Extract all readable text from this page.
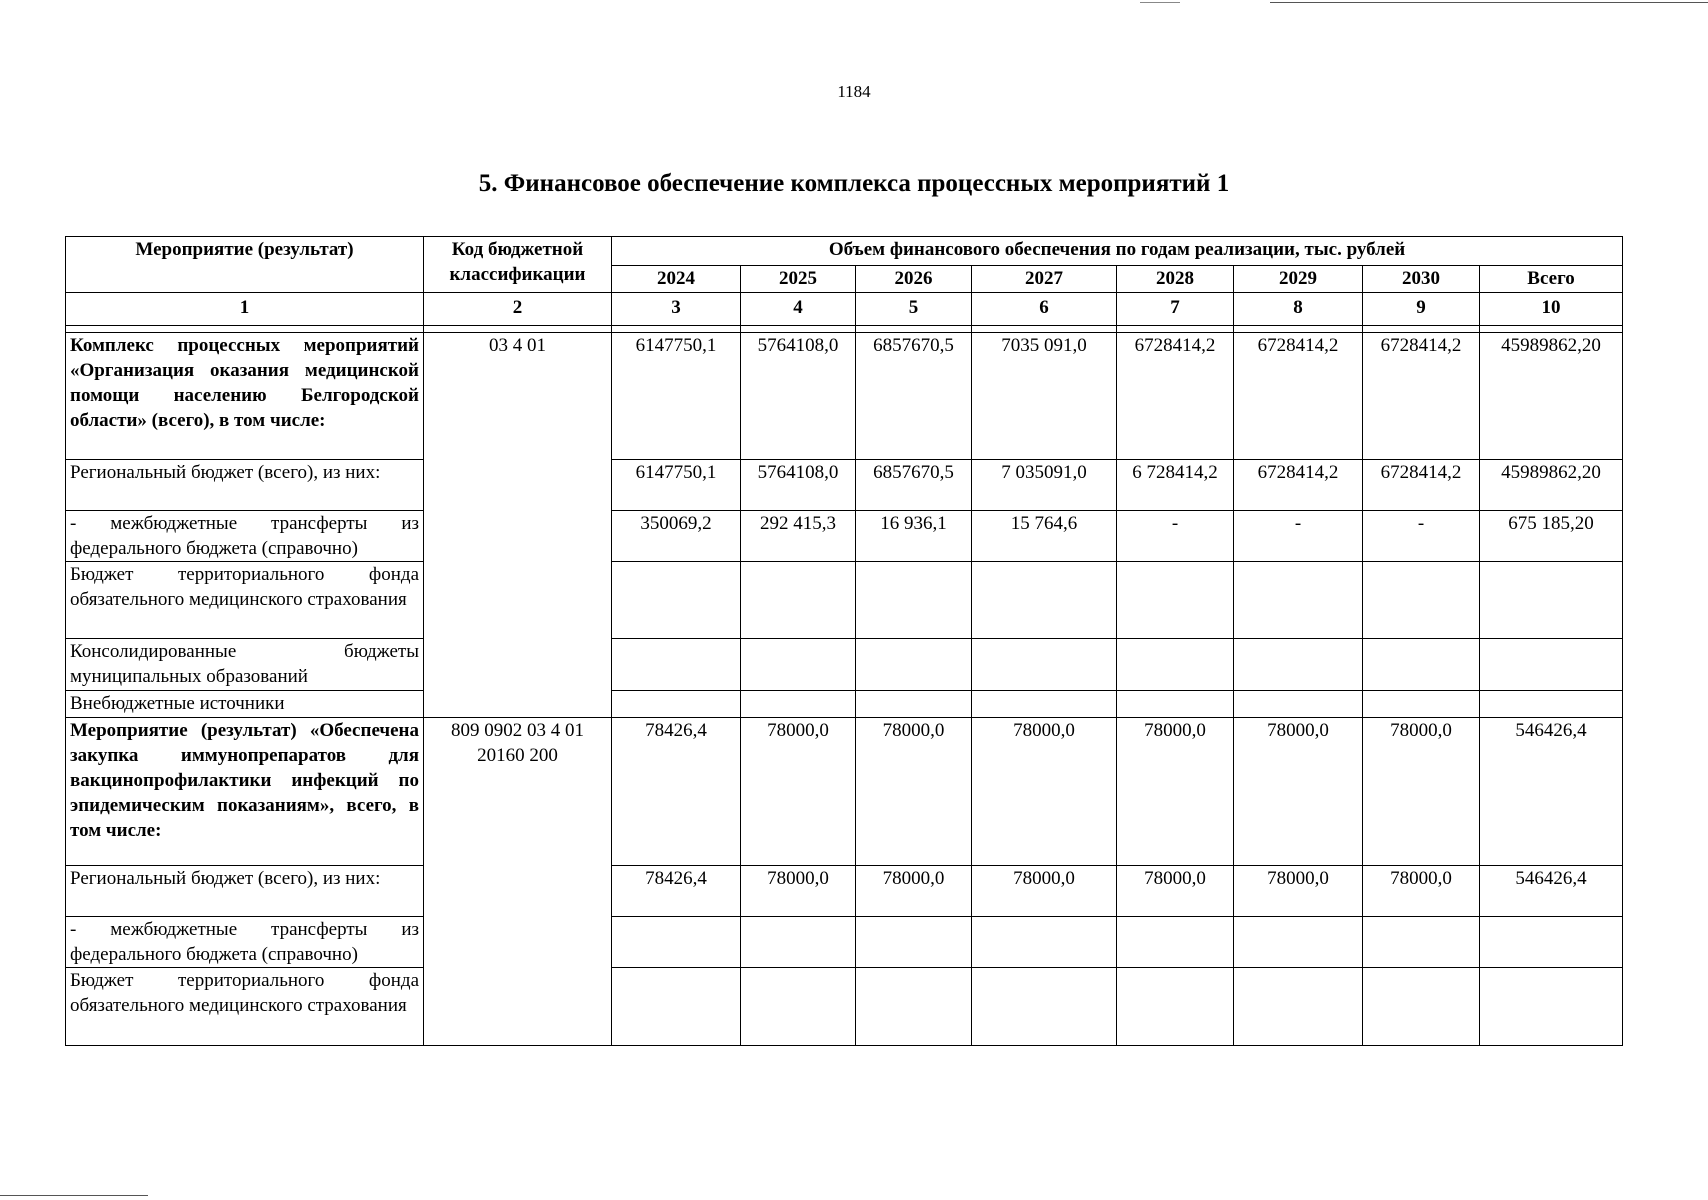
1184
5. Финансовое обеспечение комплекса процессных мероприятий 1
Мероприятие (результат)	Код бюджетной классификации	Объем финансового обеспечения по годам реализации, тыс. рублей							
		2024	2025	2026	2027	2028	2029	2030	Всего
1	2	3	4	5	6	7	8	9	10

Комплекс процессных мероприятий «Организация оказания медицинской помощи населению Белгородской области» (всего), в том числе:	03 4 01	6147750,1	5764108,0	6857670,5	7035 091,0	6728414,2	6728414,2	6728414,2	45989862,20
Региональный бюджет (всего), из них:		6147750,1	5764108,0	6857670,5	7 035091,0	6 728414,2	6728414,2	6728414,2	45989862,20
- межбюджетные трансферты из федерального бюджета (справочно)		350069,2	292 415,3	16 936,1	15 764,6	-	-	-	675 185,20
Бюджет территориального фонда обязательного медицинского страхования									
Консолидированные бюджеты муниципальных образований									
Внебюджетные источники									
Мероприятие (результат) «Обеспечена закупка иммунопрепаратов для вакцинопрофилактики инфекций по эпидемическим показаниям», всего, в том числе:	809 0902 03 4 01 20160 200	78426,4	78000,0	78000,0	78000,0	78000,0	78000,0	78000,0	546426,4
Региональный бюджет (всего), из них:		78426,4	78000,0	78000,0	78000,0	78000,0	78000,0	78000,0	546426,4
- межбюджетные трансферты из федерального бюджета (справочно)									
Бюджет территориального фонда обязательного медицинского страхования									
